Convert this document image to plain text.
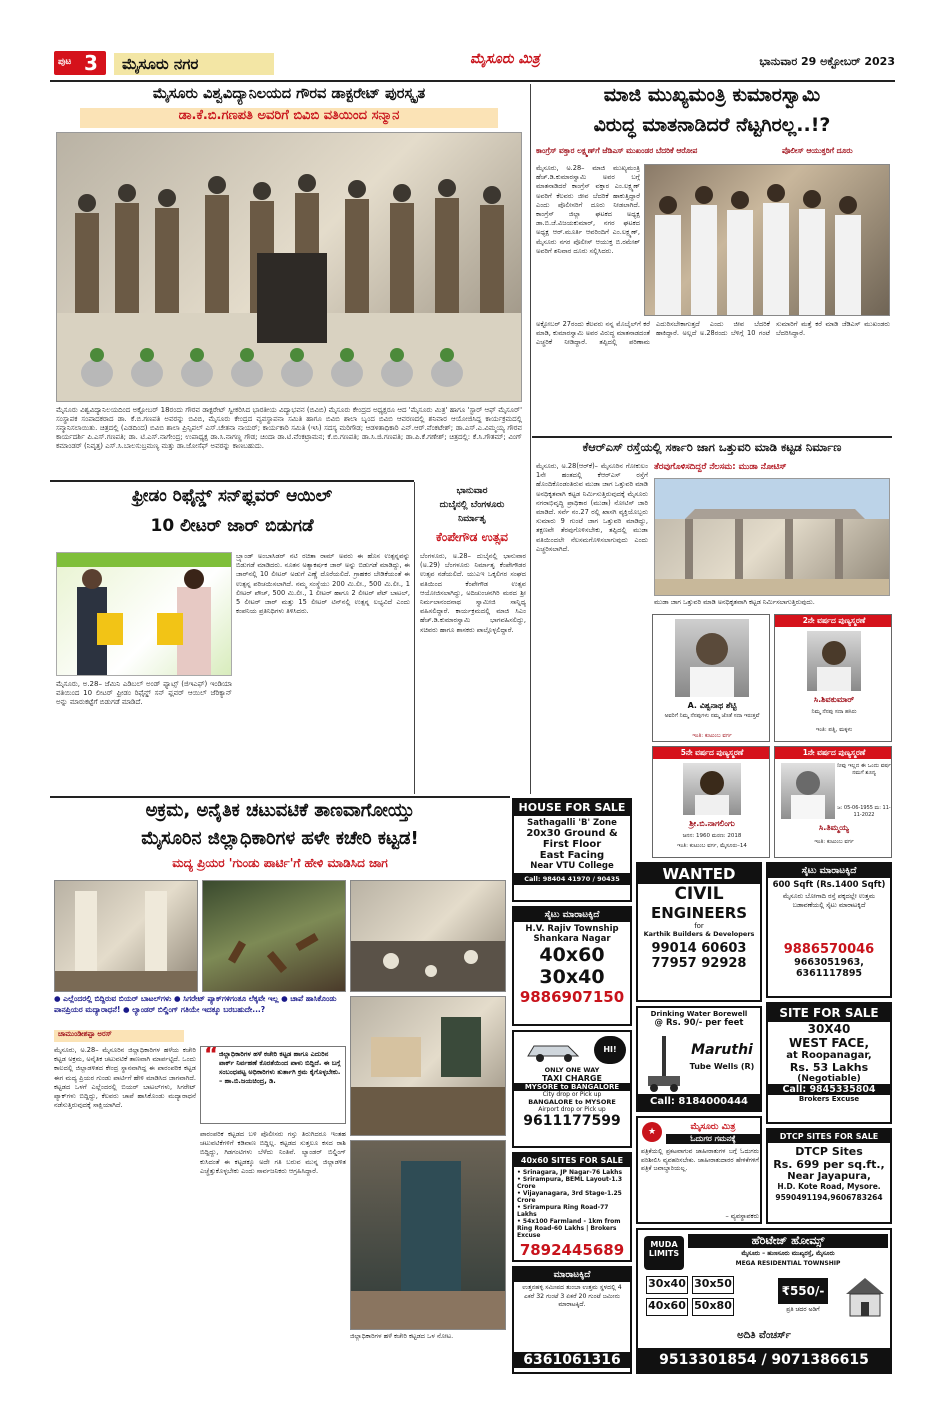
ಪುಟ 3	ಮೈಸೂರು ನಗರ	ಮೈಸೂರು ಮಿತ್ರ	ಭಾನುವಾರ 29 ಅಕ್ಟೋಬರ್ 2023
ಮೈಸೂರು ವಿಶ್ವವಿದ್ಯಾನಿಲಯದ ಗೌರವ ಡಾಕ್ಟರೇಟ್ ಪುರಸ್ಕೃತ
ಡಾ.ಕೆ.ಬಿ.ಗಣಪತಿ ಅವರಿಗೆ ಬಿವಿಬಿ ವತಿಯಿಂದ ಸನ್ಮಾನ
ಮೈಸೂರು ವಿಶ್ವವಿದ್ಯಾನಿಲಯದಿಂದ ಅಕ್ಟೋಬರ್ 18ರಂದು ಗೌರವ ಡಾಕ್ಟರೇಟ್ ಸ್ವೀಕರಿಸಿದ ಭಾರತೀಯ ವಿದ್ಯಾಭವನ (ಬಿವಿಬಿ) ಮೈಸೂರು ಕೇಂದ್ರದ ಅಧ್ಯಕ್ಷರೂ ಆದ 'ಮೈಸೂರು ಮಿತ್ರ' ಹಾಗೂ 'ಸ್ಟಾರ್ ಆಫ್ ಮೈಸೂರ್' ಸಂಸ್ಥಾಪಕ ಸಂಪಾದಕರಾದ ಡಾ. ಕೆ.ಬಿ.ಗಣಪತಿ ಅವರನ್ನು ಬಿವಿಬಿ, ಮೈಸೂರು ಕೇಂದ್ರದ ವ್ಯವಸ್ಥಾಪನಾ ಸಮಿತಿ ಹಾಗೂ ಬಿವಿಬಿ ಶಾಲಾ ಬೃಂದ ಬಿವಿಬಿ ಆವರಣದಲ್ಲಿ ಶನಿವಾರ ಆಯೋಜಿಸಿದ್ದ ಕಾರ್ಯಕ್ರಮದಲ್ಲಿ ಸನ್ಮಾನಿಸಲಾಯಿತು. ಚಿತ್ರದಲ್ಲಿ (ಎಡದಿಂದ) ಬಿವಿಬಿ ಶಾಲಾ ಪ್ರಿನ್ಸಿಪಲ್ ಎಸ್.ಚೇತನಾ ನಾಯರ್; ಕಾರ್ಯಕಾರಿ ಸಮಿತಿ (ಇಸಿ) ಸದಸ್ಯ ಮರಿಗೌಡ; ಆಡಳಿತಾಧಿಕಾರಿ ಎನ್.ಆರ್.ವೆಂಕಟೇಶ್; ಡಾ.ಎಸ್.ಎ.ವಿಮ್ಮಯ್ಯ ಗೌರವ ಕಾರ್ಯದರ್ಶಿ ಪಿ.ಎಸ್.ಗಣಪತಿ; ಡಾ. ಟಿ.ಎಸ್.ನಾಗೇಂದ್ರ; ಉಪಾಧ್ಯಕ್ಷ ಡಾ.ಸಿ.ನಾಗಣ್ಣ ಗೌಡ; ಚಿಂದಾ ಡಾ.ಟಿ.ವೆಂಕಟ್ರಾಮನ; ಕೆ.ಬಿ.ಗಣಪತಿ; ಡಾ.ಸಿ.ಜಿ.ಗಣಪತಿ; ಡಾ.ಪಿ.ಕೆ.ಗಣೇಶ್; ಚಿತ್ರದಲ್ಲಿ: ಕೆ.ಸಿ.ಗೌತಮ್; ವಿಂಗ್ ಕಮಾಂಡರ್ (ನಿವೃತ್ತ) ಎಸ್.ಸಿ.ಬಾಲಸುಬ್ರಮಣ್ಯ ಮತ್ತು ಡಾ.ಜೋಸೆಫ್ ಅವರನ್ನು ಕಾಣಬಹುದು.
ಮಾಜಿ ಮುಖ್ಯಮಂತ್ರಿ ಕುಮಾರಸ್ವಾಮಿ
ವಿರುದ್ಧ ಮಾತನಾಡಿದರೆ ನೆಟ್ಟಗಿರಲ್ಲ..!?
ಕಾಂಗ್ರೆಸ್ ವಕ್ತಾರ ಲಕ್ಷ್ಮಣ್‌ಗೆ ಜೆಡಿಎಸ್ ಮುಖಂಡರ ಬೆದರಿಕೆ ಆರೋಪ	ಪೊಲೀಸ್ ಆಯುಕ್ತರಿಗೆ ದೂರು
ಮೈಸೂರು, ಅ.28– ಮಾಜಿ ಮುಖ್ಯಮಂತ್ರಿ ಹೆಚ್.ಡಿ.ಕುಮಾರಸ್ವಾಮಿ ಅವರ ಬಗ್ಗೆ ಮಾತನಾಡಿದರೆ ಕಾಂಗ್ರೆಸ್ ವಕ್ತಾರ ಎಂ.ಲಕ್ಷ್ಮಣ್ ಅವರಿಗೆ ಕೆಲವರು ಜೀವ ಬೆದರಿಕೆ ಹಾಕುತ್ತಿದ್ದಾರೆ ಎಂದು ಪೊಲೀಸರಿಗೆ ದೂರು ನೀಡಲಾಗಿದೆ. ಕಾಂಗ್ರೆಸ್ ಜಿಲ್ಲಾ ಘಟಕದ ಅಧ್ಯಕ್ಷ ಡಾ.ಬಿ.ಜೆ.ವಿಜಯಕುಮಾರ್, ನಗರ ಘಟಕದ ಅಧ್ಯಕ್ಷ ಆರ್.ಮೂರ್ತಿ ಆವರಿಂದಿಗೆ ಎಂ.ಲಕ್ಷ್ಮಣ್, ಮೈಸೂರು ನಗರ ಪೊಲೀಸ್ ಆಯುಕ್ತ ಬಿ.ರಮೇಶ್ ಅವರಿಗೆ ಶನಿವಾರ ದೂರು ಸಲ್ಲಿಸಿದರು.
ಅಕ್ಟೋಬರ್ 27ರಂದು ಕೆಲವರು ನನ್ನ ಮೊಬೈಲ್‌ಗೆ ಕರೆ ಮಾಡಿ, ಕುಮಾರಸ್ವಾಮಿ ಅವರ ವಿರುದ್ಧ ಮಾತನಾಡದಂತೆ ಎಚ್ಚರಿಕೆ ನೀಡಿದ್ದಾರೆ. ತಪ್ಪಿದಲ್ಲಿ ಪರಿಣಾಮ ಎದುರಿಸಬೇಕಾಗುತ್ತದೆ ಎಂದು ಜೀವ ಬೆದರಿಕೆ ಹಾಕಿದ್ದಾರೆ. ಅಲ್ಲದೆ ಅ.28ರಂದು ಬೆಳಿಗ್ಗೆ 10 ಗಂಟೆ ಸುಮಾರಿಗೆ ಮತ್ತೆ ಕರೆ ಮಾಡಿ ಜೆಡಿಎಸ್ ಮುಖಂಡರು ಬೆದರಿಸಿದ್ದಾರೆ.
ಕೆಆರ್‌ಎಸ್ ರಸ್ತೆಯಲ್ಲಿ ಸರ್ಕಾರಿ ಜಾಗ ಒತ್ತುವರಿ ಮಾಡಿ ಕಟ್ಟಡ ನಿರ್ಮಾಣ
ಮೈಸೂರು, ಅ.28(ಆರ್‌ಕೆ)– ಮೈಸೂರಿನ ಗೋಕುಲಂ 1ನೇ ಹಂತದಲ್ಲಿ ಕೆಆರ್‌ಎಸ್ ರಸ್ತೆಗೆ ಹೊಂದಿಕೊಂಡಂತಿರುವ ಮುಡಾ ಜಾಗ ಒತ್ತುವರಿ ಮಾಡಿ ಅನಧಿಕೃತವಾಗಿ ಕಟ್ಟಡ ನಿರ್ಮಿಸುತ್ತಿರುವುದಕ್ಕೆ ಮೈಸೂರು ನಗರಾಭಿವೃದ್ಧಿ ಪ್ರಾಧಿಕಾರ (ಮುಡಾ) ನೋಟಿಸ್ ಜಾರಿ ಮಾಡಿದೆ. ಸರ್ವೆ ನಂ.27 ರಲ್ಲಿ ಖಾಸಗಿ ವ್ಯಕ್ತಿಯೊಬ್ಬರು ಸುಮಾರು 9 ಗುಂಟೆ ಜಾಗ ಒತ್ತುವರಿ ಮಾಡಿದ್ದು, ತಕ್ಷಣವೇ ತೆರವುಗೊಳಿಸಬೇಕು, ತಪ್ಪಿದಲ್ಲಿ ಮುಡಾ ವತಿಯಿಂದಲೇ ನೆಲಸಮಗೊಳಿಸಲಾಗುವುದು ಎಂದು ಎಚ್ಚರಿಸಲಾಗಿದೆ.
ತೆರವುಗೊಳಿಸದಿದ್ದರೆ ನೆಲಸಮ: ಮುಡಾ ನೋಟಿಸ್
ಮುಡಾ ಜಾಗ ಒತ್ತುವರಿ ಮಾಡಿ ಅನಧಿಕೃತವಾಗಿ ಕಟ್ಟಡ ನಿರ್ಮಿಸಲಾಗುತ್ತಿರುವುದು.
ಫ್ರೀಡಂ ರಿಫೈನ್ಡ್ ಸನ್‌ಫ್ಲವರ್ ಆಯಿಲ್
10 ಲೀಟರ್ ಜಾರ್ ಬಿಡುಗಡೆ
ಮೈಸೂರು, ಅ.28– ಜೆಮಿನಿ ಎಡಿಬಲ್ ಅಂಡ್ ಫ್ಯಾಟ್ಸ್ (ಜಿಇಎಫ್) ಇಂಡಿಯಾ ವತಿಯಿಂದ 10 ಲೀಟರ್ ಫ್ರೀಡಂ ರಿಫೈನ್ಡ್ ಸನ್ ಫ್ಲವರ್ ಆಯಿಲ್ ಜೆರಿಕ್ಯಾನ್ ಅನ್ನು ಮಾರುಕಟ್ಟೆಗೆ ಬಿಡುಗಡೆ ಮಾಡಿದೆ.
ಬ್ರ್ಯಾಂಡ್ ಅಂಬಾಸಿಡರ್ ನಟಿ ರಚಿತಾ ರಾಮ್ ಅವರು ಈ ಹೊಸ ಉತ್ಪನ್ನವನ್ನು ಬಿಡುಗಡೆ ಮಾಡಿದರು. ನೂತನ ಅತ್ಯಾಕರ್ಷಕ ಜಾರ್ ಅನ್ನು ಬಿಡುಗಡೆ ಮಾಡಿದ್ದು, ಈ ಜಾರ್‌ನಲ್ಲಿ 10 ಲೀಟರ್ ಅಡುಗೆ ಎಣ್ಣೆ ದೊರೆಯಲಿದೆ. ಗ್ರಾಹಕರ ಬೇಡಿಕೆಯಂತೆ ಈ ಉತ್ಪನ್ನ ಪರಿಚಯಿಸಲಾಗಿದೆ. ನಮ್ಮ ಸಂಸ್ಥೆಯು 200 ಮಿ.ಲೀ., 500 ಮಿ.ಲೀ., 1 ಲೀಟರ್ ಪೌಚ್, 500 ಮಿ.ಲೀ., 1 ಲೀಟರ್ ಹಾಗೂ 2 ಲೀಟರ್ ಪೆಟ್ ಬಾಟಲ್, 5 ಲೀಟರ್ ಜಾರ್ ಮತ್ತು 15 ಲೀಟರ್ ಟಿನ್‌ನಲ್ಲಿ ಉತ್ಪನ್ನ ಲಭ್ಯವಿದೆ ಎಂದು ಕಂಪನಿಯ ಪ್ರತಿನಿಧಿಗಳು ತಿಳಿಸಿದರು.
ಭಾನುವಾರ
ದುಬೈನಲ್ಲಿ ಬೆಂಗಳೂರು
ನಿರ್ಮಾತೃ
ಕೆಂಪೇಗೌಡ ಉತ್ಸವ
ಬೆಂಗಳೂರು, ಅ.28– ದುಬೈನಲ್ಲಿ ಭಾನುವಾರ (ಅ.29) ಬೆಂಗಳೂರು ನಿರ್ಮಾತೃ ಕೆಂಪೇಗೌಡರ ಉತ್ಸವ ನಡೆಯಲಿದೆ. ಯುಎಇ ಒಕ್ಕಲಿಗರ ಸಂಘದ ವತಿಯಿಂದ ಕೆಂಪೇಗೌಡ ಉತ್ಸವ ಆಯೋಜಿಸಲಾಗಿದ್ದು, ಅದಿಚುಂಚನಗಿರಿ ಮಠದ ಶ್ರೀ ನಿರ್ಮಲಾನಂದನಾಥ ಸ್ವಾಮೀಜಿ ಸಾನ್ನಿಧ್ಯ ವಹಿಸಲಿದ್ದಾರೆ. ಕಾರ್ಯಕ್ರಮದಲ್ಲಿ ಮಾಜಿ ಸಿಎಂ ಹೆಚ್.ಡಿ.ಕುಮಾರಸ್ವಾಮಿ ಭಾಗವಹಿಸಲಿದ್ದು, ಸಚಿವರು ಹಾಗೂ ಶಾಸಕರು ಪಾಲ್ಗೊಳ್ಳಲಿದ್ದಾರೆ.
A. ವಿಶ್ವನಾಥ ಶೆಟ್ಟಿ
ಅವರಿಗೆ ನಿಮ್ಮ ನೆನಪುಗಳು ನಮ್ಮ ಜೊತೆ ಸದಾ ಇರುತ್ತವೆ
ಇಂತಿ: ಕುಟುಂಬ ವರ್ಗ
2ನೇ ವರ್ಷದ ಪುಣ್ಯಸ್ಮರಣೆ
ಸಿ.ಶಿವಕುಮಾರ್
ನಿಮ್ಮ ನೆನಪು ಸದಾ ಹಸಿರು
ಇಂತಿ: ಪತ್ನಿ, ಮಕ್ಕಳು
5ನೇ ವರ್ಷದ ಪುಣ್ಯಸ್ಮರಣೆ
ಶ್ರೀ.ಬಿ.ನಾಗಲಿಂಗು
ಜನನ: 1960 ಮರಣ: 2018
ಇಂತಿ: ಕುಟುಂಬ ವರ್ಗ, ಮೈಸೂರು–14
1ನೇ ವರ್ಷದ ಪುಣ್ಯಸ್ಮರಣೆ
ನೀವು ಇಲ್ಲದ ಈ ಒಂದು ವರ್ಷ ನಮಗೆ ಶೂನ್ಯ
ಜ: 05-06-1955 ಮ: 11-11-2022
ಸಿ.ತಿಮ್ಮಯ್ಯ
ಇಂತಿ: ಕುಟುಂಬ ವರ್ಗ
ಅಕ್ರಮ, ಅನೈತಿಕ ಚಟುವಟಿಕೆ ತಾಣವಾಗೋಯ್ತು
ಮೈಸೂರಿನ ಜಿಲ್ಲಾಧಿಕಾರಿಗಳ ಹಳೇ ಕಚೇರಿ ಕಟ್ಟಡ!
ಮದ್ಯ ಪ್ರಿಯರ 'ಗುಂಡು ಪಾರ್ಟಿ'ಗೆ ಹೇಳಿ ಮಾಡಿಸಿದ ಜಾಗ
● ಎಲ್ಲೆಂದರಲ್ಲಿ ಬಿದ್ದಿರುವ ಬಿಯರ್ ಬಾಟಲ್‌ಗಳು ● ಸಿಗರೇಟ್ ಪ್ಯಾಕ್‌ಗಳಿಗಂತೂ ಲೆಕ್ಕವೇ ಇಲ್ಲ ● ಚಾಪೆ ಹಾಸಿಕೊಂಡು ಪಾನಪ್ರಿಯರ ಮದ್ಯಾರಾಧನೆ! ● ಲ್ಯಾಂಡರ್ ಬಿಲ್ಡಿಂಗ್ ಗತಿಯೇ ಇದಕ್ಕೂ ಬರಬಹುದೇ...?
ಚಾಮುಂಡೀಶಪ್ಪಾ ಅರಸ್
ಮೈಸೂರು, ಅ.28– ಮೈಸೂರಿನ ಜಿಲ್ಲಾಧಿಕಾರಿಗಳ ಹಳೆಯ ಕಚೇರಿ ಕಟ್ಟಡ ಅಕ್ರಮ, ಅನೈತಿಕ ಚಟುವಟಿಕೆ ತಾಣವಾಗಿ ಮಾರ್ಪಟ್ಟಿದೆ. ಒಂದು ಕಾಲದಲ್ಲಿ ಜಿಲ್ಲಾಡಳಿತದ ಕೇಂದ್ರ ಸ್ಥಾನವಾಗಿದ್ದ ಈ ಪಾರಂಪರಿಕ ಕಟ್ಟಡ ಈಗ ಮದ್ಯ ಪ್ರಿಯರ ಗುಂಡು ಪಾರ್ಟಿಗೆ ಹೇಳಿ ಮಾಡಿಸಿದ ಜಾಗವಾಗಿದೆ. ಕಟ್ಟಡದ ಒಳಗೆ ಎಲ್ಲೆಂದರಲ್ಲಿ ಬಿಯರ್ ಬಾಟಲ್‌ಗಳು, ಸಿಗರೇಟ್ ಪ್ಯಾಕ್‌ಗಳು ಬಿದ್ದಿದ್ದು, ಕೆಲವರು ಚಾಪೆ ಹಾಸಿಕೊಂಡು ಮದ್ಯಾರಾಧನೆ ನಡೆಸುತ್ತಿರುವುದಕ್ಕೆ ಸಾಕ್ಷಿಯಾಗಿದೆ.
“ ಜಿಲ್ಲಾಧಿಕಾರಿಗಳ ಹಳೆ ಕಚೇರಿ ಕಟ್ಟಡ ಹಾಗೂ ಎದುರಿನ ಪಾರ್ಕ್ ನಿರ್ವಹಣೆ ಕೊರತೆಯಿಂದ ಪಾಳು ಬಿದ್ದಿದೆ. ಈ ಬಗ್ಗೆ ಸಂಬಂಧಪಟ್ಟ ಅಧಿಕಾರಿಗಳು ತುರ್ತಾಗಿ ಕ್ರಮ ಕೈಗೊಳ್ಳಬೇಕು. – ಹಾ.ಬಿ.ಜಯಚಿಂದ್ರ, ಡಿ.
ಪಾರಂಪರಿಕ ಕಟ್ಟಡದ ಬಳಿ ಪೊಲೀಸರು ಗಸ್ತು ತಿರುಗಿದರೂ ಇಂತಹ ಚಟುವಟಿಕೆಗಳಿಗೆ ಕಡಿವಾಣ ಬಿದ್ದಿಲ್ಲ. ಕಟ್ಟಡದ ಸುತ್ತಲೂ ಕಸದ ರಾಶಿ ಬಿದ್ದಿದ್ದು, ಗಿಡಗಂಟಿಗಳು ಬೆಳೆದು ನಿಂತಿವೆ. ಲ್ಯಾಂಡರ್ ಬಿಲ್ಡಿಂಗ್ ಕುಸಿದಂತೆ ಈ ಕಟ್ಟಡಕ್ಕೂ ಅದೇ ಗತಿ ಬರುವ ಮುನ್ನ ಜಿಲ್ಲಾಡಳಿತ ಎಚ್ಚೆತ್ತುಕೊಳ್ಳಬೇಕು ಎಂದು ಸಾರ್ವಜನಿಕರು ಆಗ್ರಹಿಸಿದ್ದಾರೆ.
ಜಿಲ್ಲಾಧಿಕಾರಿಗಳ ಹಳೆ ಕಚೇರಿ ಕಟ್ಟಡದ ಒಳ ನೋಟ.
HOUSE FOR SALE
Sathagalli 'B' Zone
20x30 Ground &
First Floor
East Facing
Near VTU College
Call: 98404 41970 / 90435 51407
ಸೈಟು ಮಾರಾಟಕ್ಕಿದೆ
H.V. Rajiv Township
Shankara Nagar
40x60
30x40
9886907150
HI!
ONLY ONE WAY
TAXI CHARGE
MYSORE to BANGALORE
City drop or Pick up
BANGALORE to MYSORE
Airport drop or Pick up
9611177599
40x60 SITES FOR SALE
• Srinagara, JP Nagar-76 Lakhs
• Srirampura, BEML Layout-1.3 Crore
• Vijayanagara, 3rd Stage-1.25 Crore
• Srirampura Ring Road-77 Lakhs
• 54x100 Farmland - 1km from Ring Road-60 Lakhs | Brokers Excuse
7892445689
ಮಾರಾಟಕ್ಕಿದೆ
ಉತ್ತನಹಳ್ಳಿ ಸಮೀಪದ ತುಂಬಾ ಉತ್ತಮ ಸ್ಥಳದಲ್ಲಿ 4 ಎಕರೆ 32 ಗುಂಟೆ 3 ಏಕರೆ 20 ಗುಂಟೆ ಜಮೀನು ಮಾರಾಟಕ್ಕಿದೆ.
6361061316
WANTED
CIVIL
ENGINEERS
for
Karthik Builders & Developers
99014 60603
77957 92928
Drinking Water Borewell
@ Rs. 90/- per feet
Maruthi
Tube Wells (R)
Call: 8184000444
★	ಮೈಸೂರು ಮಿತ್ರ
ಓದುಗರ ಗಮನಕ್ಕೆ
ಪತ್ರಿಕೆಯಲ್ಲಿ ಪ್ರಕಟವಾಗುವ ಜಾಹೀರಾತುಗಳ ಬಗ್ಗೆ ಓದುಗರು ಪರಿಶೀಲಿಸಿ ವ್ಯವಹರಿಸಬೇಕು. ಜಾಹೀರಾತುದಾರರ ಹೇಳಿಕೆಗಳಿಗೆ ಪತ್ರಿಕೆ ಜವಾಬ್ದಾರಿಯಲ್ಲ.
– ವ್ಯವಸ್ಥಾಪಕರು
ಸೈಟು ಮಾರಾಟಕ್ಕಿದೆ
600 Sqft (Rs.1400 Sqft)
ಮೈಸೂರು ಬೋಗಾದಿ ರಸ್ತೆ ಪಕ್ಕದಲ್ಲೇ ಉತ್ತಮ ಬಡಾವಣೆಯಲ್ಲಿ ಸೈಟು ಮಾರಾಟಕ್ಕಿದೆ
9886570046
9663051963, 6361117895
SITE FOR SALE
30X40
WEST FACE,
at Roopanagar,
Rs. 53 Lakhs
(Negotiable)
Call: 9845335804
Brokers Excuse
DTCP SITES FOR SALE
DTCP Sites
Rs. 699 per sq.ft.,
Near Jayapura,
H.D. Kote Road, Mysore.
9590491194,9606783264
MUDA
LIMITS
ಹೆರಿಟೇಜ್ ಹೋಮ್ಸ್
ಮೈಸೂರು – ಹುಣಸೂರು ಮುಖ್ಯರಸ್ತೆ, ಮೈಸೂರು
MEGA RESIDENTIAL TOWNSHIP
30x40 30x50
40x60 50x80
₹550/-
ಪ್ರತಿ ಚದರ ಅಡಿಗೆ
ಅದಿತಿ ವೆಂಚರ್ಸ್
9513301854 / 9071386615
